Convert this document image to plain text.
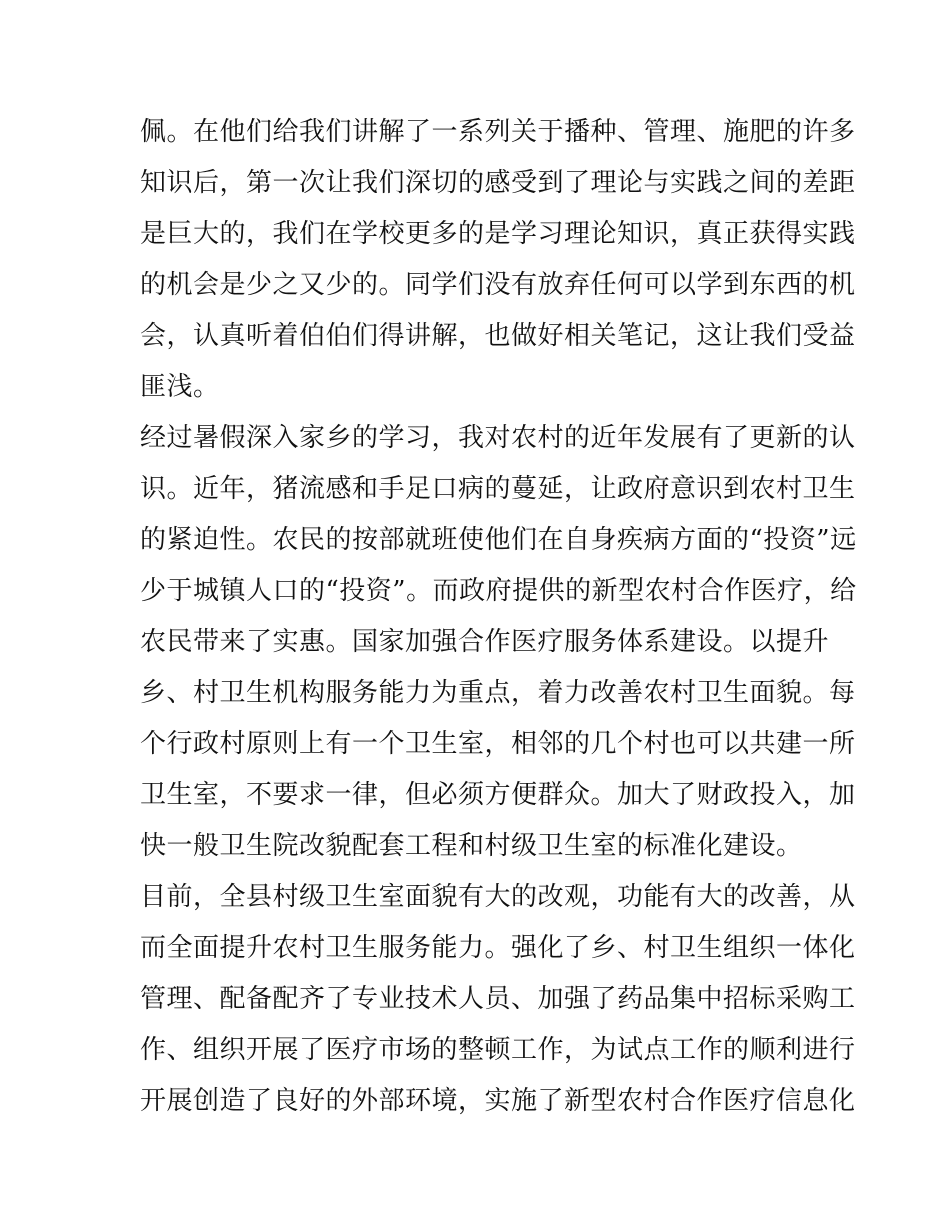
佩。在他们给我们讲解了一系列关于播种、管理、施肥的许多
知识后，第一次让我们深切的感受到了理论与实践之间的差距
是巨大的，我们在学校更多的是学习理论知识，真正获得实践
的机会是少之又少的。同学们没有放弃任何可以学到东西的机
会，认真听着伯伯们得讲解，也做好相关笔记，这让我们受益
匪浅。
经过暑假深入家乡的学习，我对农村的近年发展有了更新的认
识。近年，猪流感和手足口病的蔓延，让政府意识到农村卫生
的紧迫性。农民的按部就班使他们在自身疾病方面的“投资”远
少于城镇人口的“投资”。而政府提供的新型农村合作医疗，给
农民带来了实惠。国家加强合作医疗服务体系建设。以提升
乡、村卫生机构服务能力为重点，着力改善农村卫生面貌。每
个行政村原则上有一个卫生室，相邻的几个村也可以共建一所
卫生室，不要求一律，但必须方便群众。加大了财政投入，加
快一般卫生院改貌配套工程和村级卫生室的标准化建设。
目前，全县村级卫生室面貌有大的改观，功能有大的改善，从
而全面提升农村卫生服务能力。强化了乡、村卫生组织一体化
管理、配备配齐了专业技术人员、加强了药品集中招标采购工
作、组织开展了医疗市场的整顿工作，为试点工作的顺利进行
开展创造了良好的外部环境，实施了新型农村合作医疗信息化
